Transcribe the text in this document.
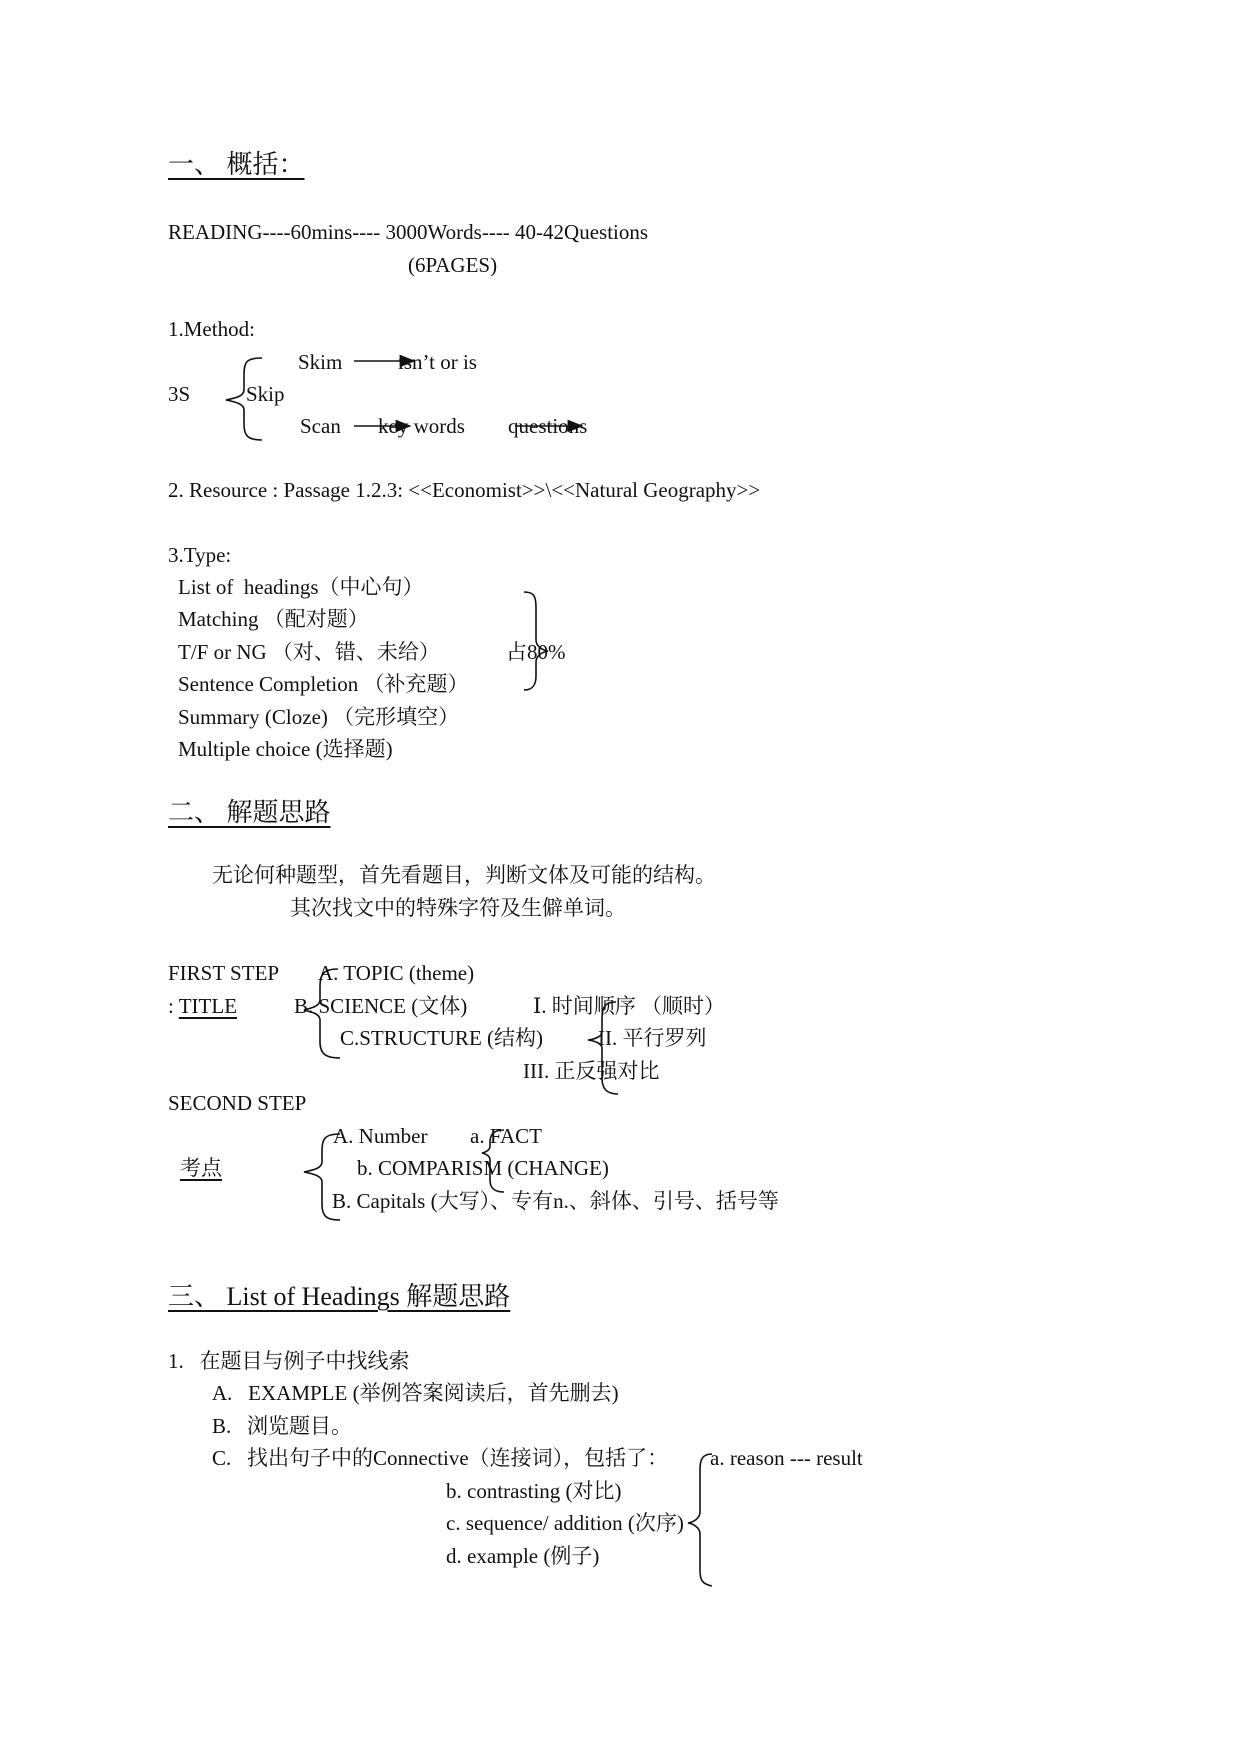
一、 概括：
READING----60mins---- 3000Words---- 40-42Questions
(6PAGES)
1.Method:
Skim	isn’t or is
3S	Skip
Scan key words questions
2. Resource : Passage 1.2.3: <<Economist>>\<<Natural Geography>>
3.Type:
List of  headings（中心句）
Matching （配对题）
T/F or NG （对、错、未给）
Sentence Completion （补充题）
Summary (Cloze) （完形填空）
Multiple choice (选择题)
占80%
二、 解题思路
无论何种题型，首先看题目，判断文体及可能的结构。
其次找文中的特殊字符及生僻单词。
FIRST STEP A. TOPIC (theme)
: TITLE	B. SCIENCE (文体)
C.STRUCTURE (结构)
Ⅰ. 时间顺序 （顺时）
II. 平行罗列
III. 正反强对比
SECOND STEP
A. Number a. FACT
考点	b. COMPARISM (CHANGE)
B. Capitals (大写）、专有n.、斜体、引号、括号等
三、 List of Headings 解题思路
1.   在题目与例子中找线索
A.   EXAMPLE (举例答案阅读后，首先删去)
B.   浏览题目。
C.   找出句子中的Connective（连接词），包括了： a. reason --- result
b. contrasting (对比)
c. sequence/ addition (次序)
d. example (例子)
